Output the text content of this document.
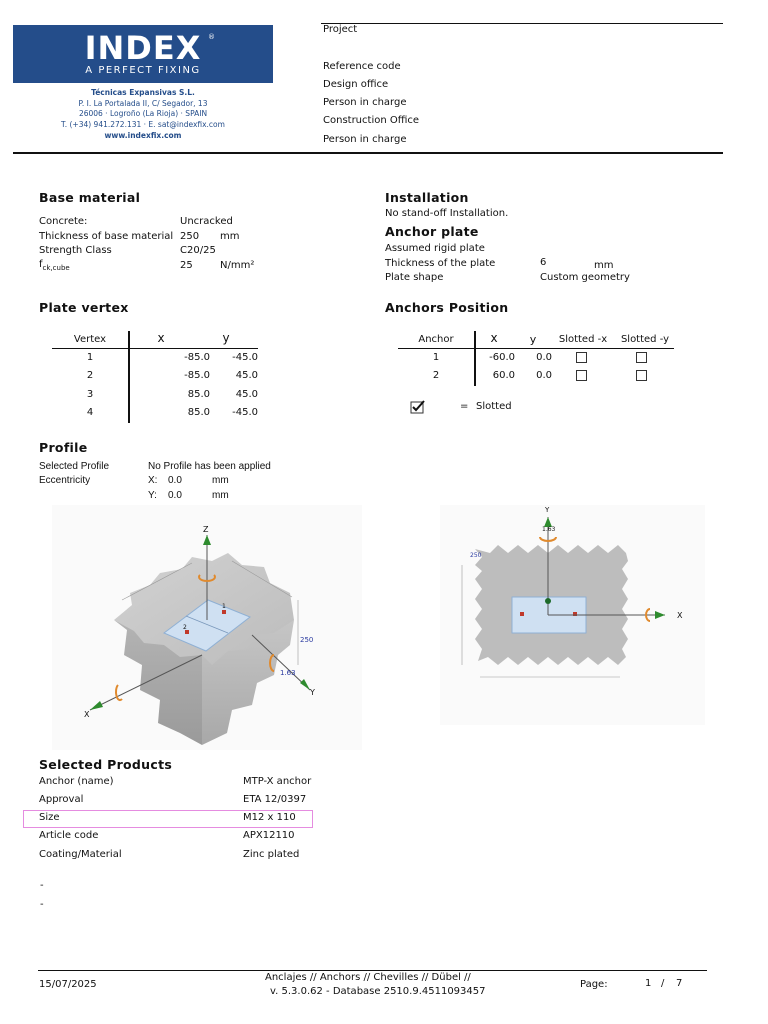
INDEX ®
A PERFECT FIXING
Técnicas Expansivas S.L.
P. I. La Portalada II, C/ Segador, 13
26006 · Logroño (La Rioja) · SPAIN
T. (+34) 941.272.131 · E. sat@indexfix.com
www.indexfix.com
Project
Reference code
Design office
Person in charge
Construction Office
Person in charge
Base material
Concrete:	Uncracked
Thickness of base material 250 mm
Strength Class	C20/25
$f_{ck,cube}$	25	N/mm²
Installation
No stand-off Installation.
Anchor plate
Assumed rigid plate
Thickness of the plate	6	mm
Plate shape	Custom geometry
Plate vertex
Vertex	x	y
1	-85.0	-45.0
2	-85.0	45.0
3	85.0	45.0
4	85.0	-45.0
Anchors Position
Anchor	x	y	Slotted -x	Slotted -y
1	-60.0	0.0
2	60.0	0.0
= Slotted
Profile
Selected Profile	No Profile has been applied
Eccentricity	X: 0.0	mm
Y: 0.0	mm
2
1
Z
X
Y
250
1.63
X
Y
1.63
250
Selected Products
Anchor (name)	MTP-X anchor
Approval	ETA 12/0397
Size	M12 x 110
Article code	APX12110
Coating/Material	Zinc plated
-
-
15/07/2025
Anclajes // Anchors // Chevilles // Dübel //
v. 5.3.0.62 - Database 2510.9.4511093457
Page:	1 / 7
